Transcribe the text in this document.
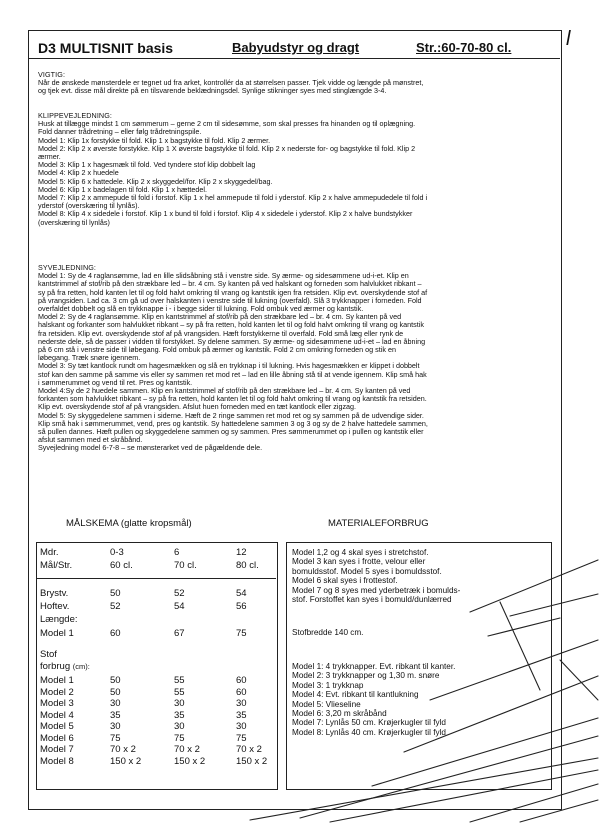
l
D3 MULTISNIT basis	Babyudstyr og dragt	Str.:60-70-80 cl.
VIGTIG:

Når de ønskede mønsterdele er tegnet ud fra arket, kontrollér da at størrelsen passer. Tjek vidde og længde på mønstret,

og tjek evt. disse mål direkte på en tilsvarende beklædningsdel. Synlige stikninger syes med stinglængde 3-4.

KLIPPEVEJLEDNING:

Husk at tillægge mindst 1 cm sømmerum – gerne 2 cm til sidesømme, som skal presses fra hinanden og til oplægning.

Fold danner trådretning – eller følg trådretningspile.

Model 1: Klip 1x forstykke til fold. Klip 1 x bagstykke til fold. Klip 2 ærmer.

Model 2: Klip 2 x øverste forstykke. Klip 1 X øverste bagstykke til fold. Klip 2 x nederste for- og bagstykke til fold. Klip 2

ærmer.

Model 3: Klip 1 x hagesmæk til fold. Ved tyndere stof klip dobbelt lag

Model 4: Klip 2 x huedele

Model 5: Klip 6 x hattedele. Klip 2 x skyggedel/for. Klip 2 x skyggedel/bag.

Model 6: Klip 1 x badelagen til fold. Klip 1 x hættedel.

Model 7: Klip 2 x ammepude til fold i forstof. Klip 1 x hel ammepude til fold i yderstof. Klip 2 x halve ammepudedele til fold i

yderstof (overskæring til lynlås).

Model 8: Klip 4 x sidedele i forstof. Klip 1 x bund til fold i forstof. Klip 4 x sidedele i yderstof. Klip 2 x halve bundstykker

(overskæring til lynlås)

SYVEJLEDNING:

Model 1: Sy de 4 raglansømme, lad en lille slidsåbning stå i venstre side. Sy ærme- og sidesømmene ud-i-et. Klip en

kantstrimmel af stof/rib på den strækbare led – br. 4 cm. Sy kanten på ved halskant og forneden som halvlukket ribkant –

sy på fra retten, hold kanten let til og fold halvt omkring til vrang og kantstik igen fra retsiden. Klip evt. overskydende stof af

på vrangsiden. Lad ca. 3 cm gå ud over halskanten i venstre side til lukning (overfald). Slå 3 trykknapper i forneden. Fold

overfaldet dobbelt og slå en trykknappe i - i begge sider til lukning. Fold ombuk ved ærmer og kantstik.

Model 2: Sy de 4 raglansømme. Klip en kantstrimmel af stof/rib på den strækbare led – br. 4 cm. Sy kanten på ved

halskant og forkanter som halvlukket ribkant – sy på fra retten, hold kanten let til og fold halvt omkring til vrang og kantstik

fra retsiden. Klip evt. overskydende stof af på vrangsiden. Hæft forstykkerne til overfald. Fold små læg eller rynk de

nederste dele, så de passer i vidden til forstykket. Sy delene sammen. Sy ærme- og sidesømmene ud-i-et – lad en åbning

på 6 cm stå i venstre side til løbegang. Fold ombuk på ærmer og kantstik. Fold 2 cm omkring forneden og stik en

løbegang. Træk snøre igennem.

Model 3: Sy tæt kantlock rundt om hagesmækken og slå en trykknap i til lukning. Hvis hagesmækken er klippet i dobbelt

stof kan den samme på samme vis eller sy sammen ret mod ret – lad en lille åbning stå til at vende igennem. Klip små hak

i sømmerummet og vend til ret. Pres og kantstik.

Model 4:Sy de 2 huedele sammen. Klip en kantstrimmel af stof/rib på den strækbare led – br. 4 cm. Sy kanten på ved

forkanten som halvlukket ribkant – sy på fra retten, hold kanten let til og fold halvt omkring til vrang og kantstik fra retsiden.

Klip evt. overskydende stof af på vrangsiden. Afslut huen forneden med en tæt kantlock eller zigzag.

Model 5: Sy skyggedelene sammen i siderne. Hæft de 2 ringe sammen ret mod ret og sy sammen på de udvendige sider.

Klip små hak i sømmerummet, vend, pres og kantstik. Sy hattedelene sammen 3 og 3 og sy de 2 halve hattedele sammen,

så pullen dannes. Hæft pullen og skyggedelene sammen og sy sammen. Pres sømmerummet op i pullen og kantstik eller

afslut sammen med et skråbånd.

Syvejledning model 6-7-8 – se mønsterarket ved de pågældende dele.

MÅLSKEMA (glatte kropsmål)	MATERIALEFORBRUG
Mdr.	0-3	6	12
Mål/Str.	60 cl.	70 cl.	80 cl.
Brystv.	50	52	54
Hoftev.	52	54	56
Længde:
Model 1	60	67	75
Stof
forbrug (cm):
Model 1	50	55	60
Model 2	50	55	60
Model 3	30	30	30
Model 4	35	35	35
Model 5	30	30	30
Model 6	75	75	75
Model 7	70 x 2	70 x 2	70 x 2
Model 8	150 x 2	150 x 2	150 x 2
Model 1,2 og 4 skal syes i stretchstof.
Model 3 kan syes i frotte, velour eller
bomuldsstof. Model 5 syes i bomuldsstof.
Model 6 skal syes i frottestof.
Model 7 og 8 syes med yderbetræk i bomulds-
stof. Forstoffet kan syes i bomuld/dunlærred
Stofbredde 140 cm.
Model 1: 4 trykknapper. Evt. ribkant til kanter.
Model 2: 3 trykknapper og 1,30 m. snøre
Model 3: 1 trykknap
Model 4: Evt. ribkant til kantlukning
Model 5: Vlieseline
Model 6: 3,20 m skråbånd
Model 7: Lynlås 50 cm. Krøjerkugler til fyld
Model 8: Lynlås 40 cm. Krøjerkugler til fyld
